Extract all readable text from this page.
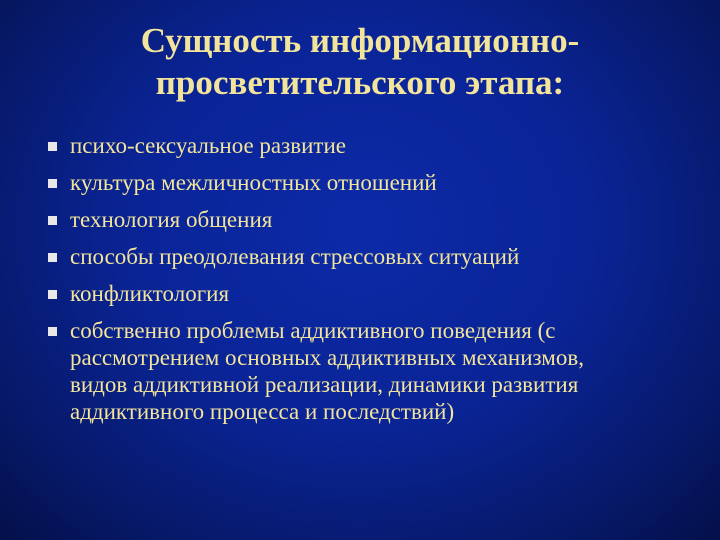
Сущность информационно-
просветительского этапа:
психо-сексуальное развитие
культура межличностных отношений
технология общения
способы преодолевания стрессовых ситуаций
конфликтология
собственно проблемы аддиктивного поведения (с
рассмотрением основных аддиктивных механизмов,
видов аддиктивной реализации, динамики развития
аддиктивного процесса и последствий)
